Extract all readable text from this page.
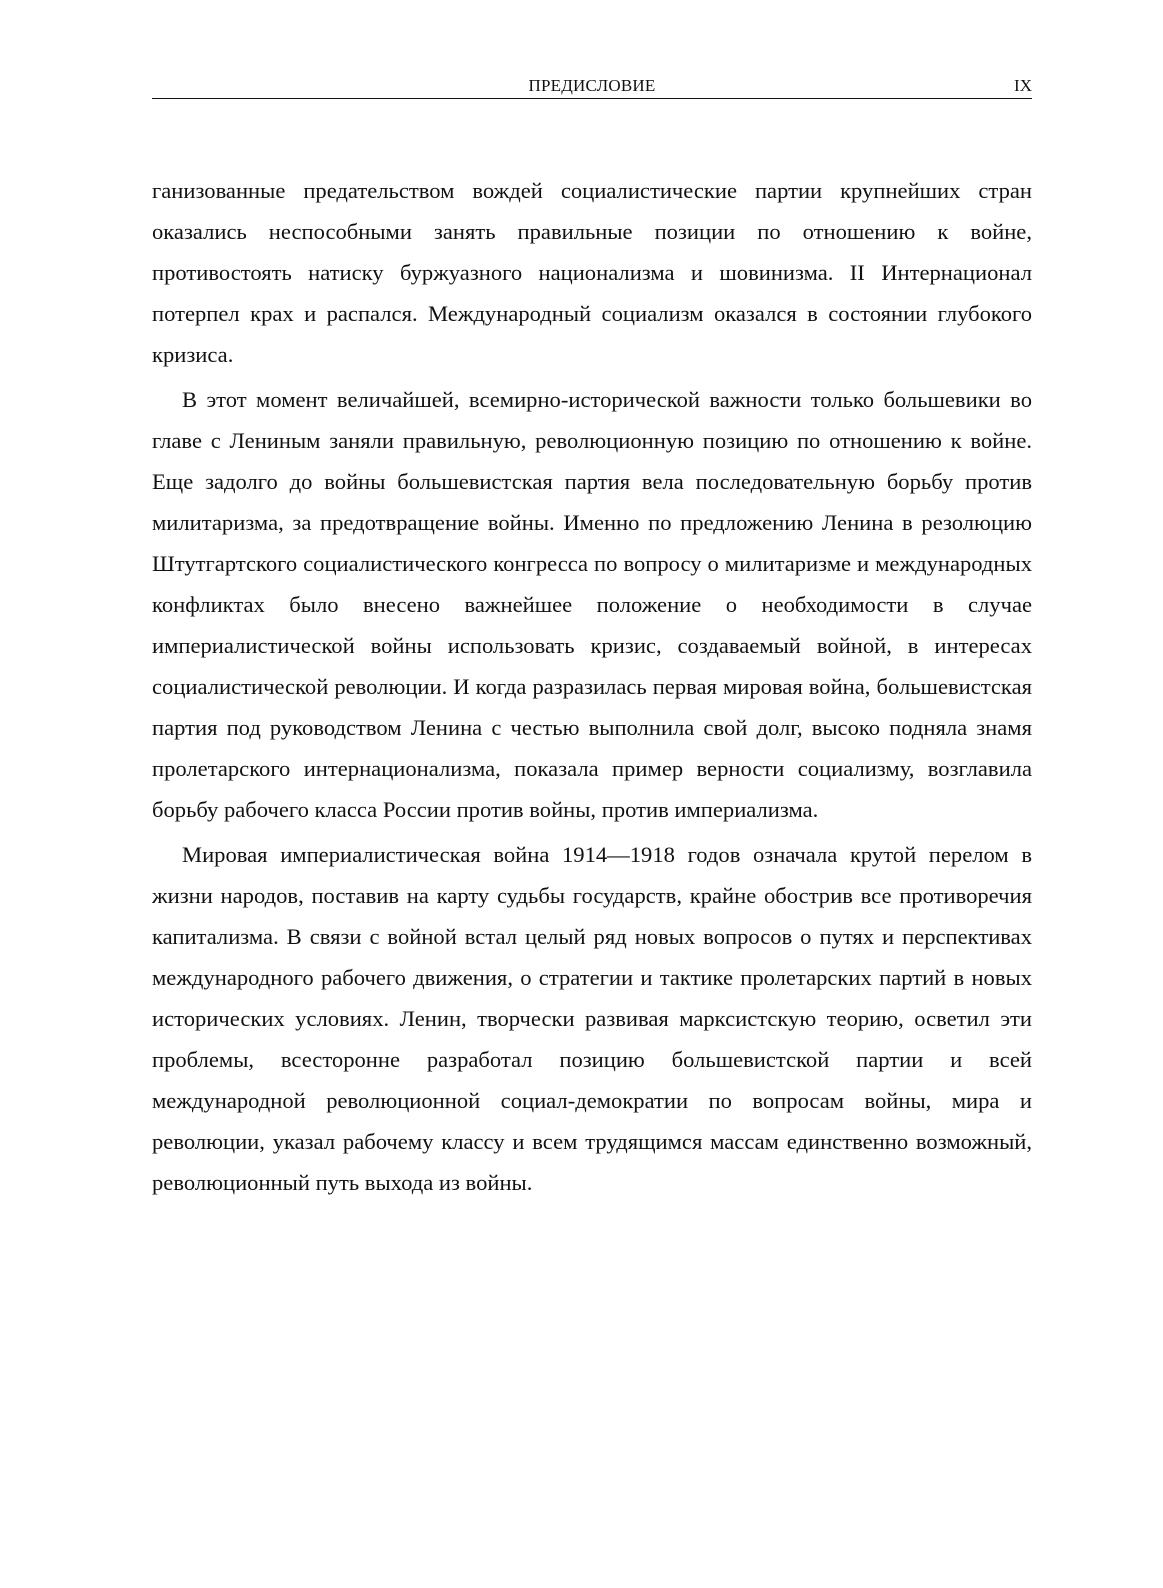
ПРЕДИСЛОВИЕ	IX

ганизованные предательством вождей социалистические партии крупнейших стран оказались неспособными занять правильные позиции по отношению к войне, противостоять натиску буржуазного национализма и шовинизма. II Интернационал потерпел крах и распался. Международный социализм оказался в состоянии глубокого кризиса.

В этот момент величайшей, всемирно-исторической важности только большевики во главе с Лениным заняли правильную, революционную позицию по отношению к войне. Еще задолго до войны большевистская партия вела последовательную борьбу против милитаризма, за предотвращение войны. Именно по предложению Ленина в резолюцию Штутгартского социалистического конгресса по вопросу о милитаризме и международных конфликтах было внесено важнейшее положение о необходимости в случае империалистической войны использовать кризис, создаваемый войной, в интересах социалистической революции. И когда разразилась первая мировая война, большевистская партия под руководством Ленина с честью выполнила свой долг, высоко подняла знамя пролетарского интернационализма, показала пример верности социализму, возглавила борьбу рабочего класса России против войны, против империализма.

Мировая империалистическая война 1914—1918 годов означала крутой перелом в жизни народов, поставив на карту судьбы государств, крайне обострив все противоречия капитализма. В связи с войной встал целый ряд новых вопросов о путях и перспективах международного рабочего движения, о стратегии и тактике пролетарских партий в новых исторических условиях. Ленин, творчески развивая марксистскую теорию, осветил эти проблемы, всесторонне разработал позицию большевистской партии и всей международной революционной социал-демократии по вопросам войны, мира и революции, указал рабочему классу и всем трудящимся массам единственно возможный, революционный путь выхода из войны.
